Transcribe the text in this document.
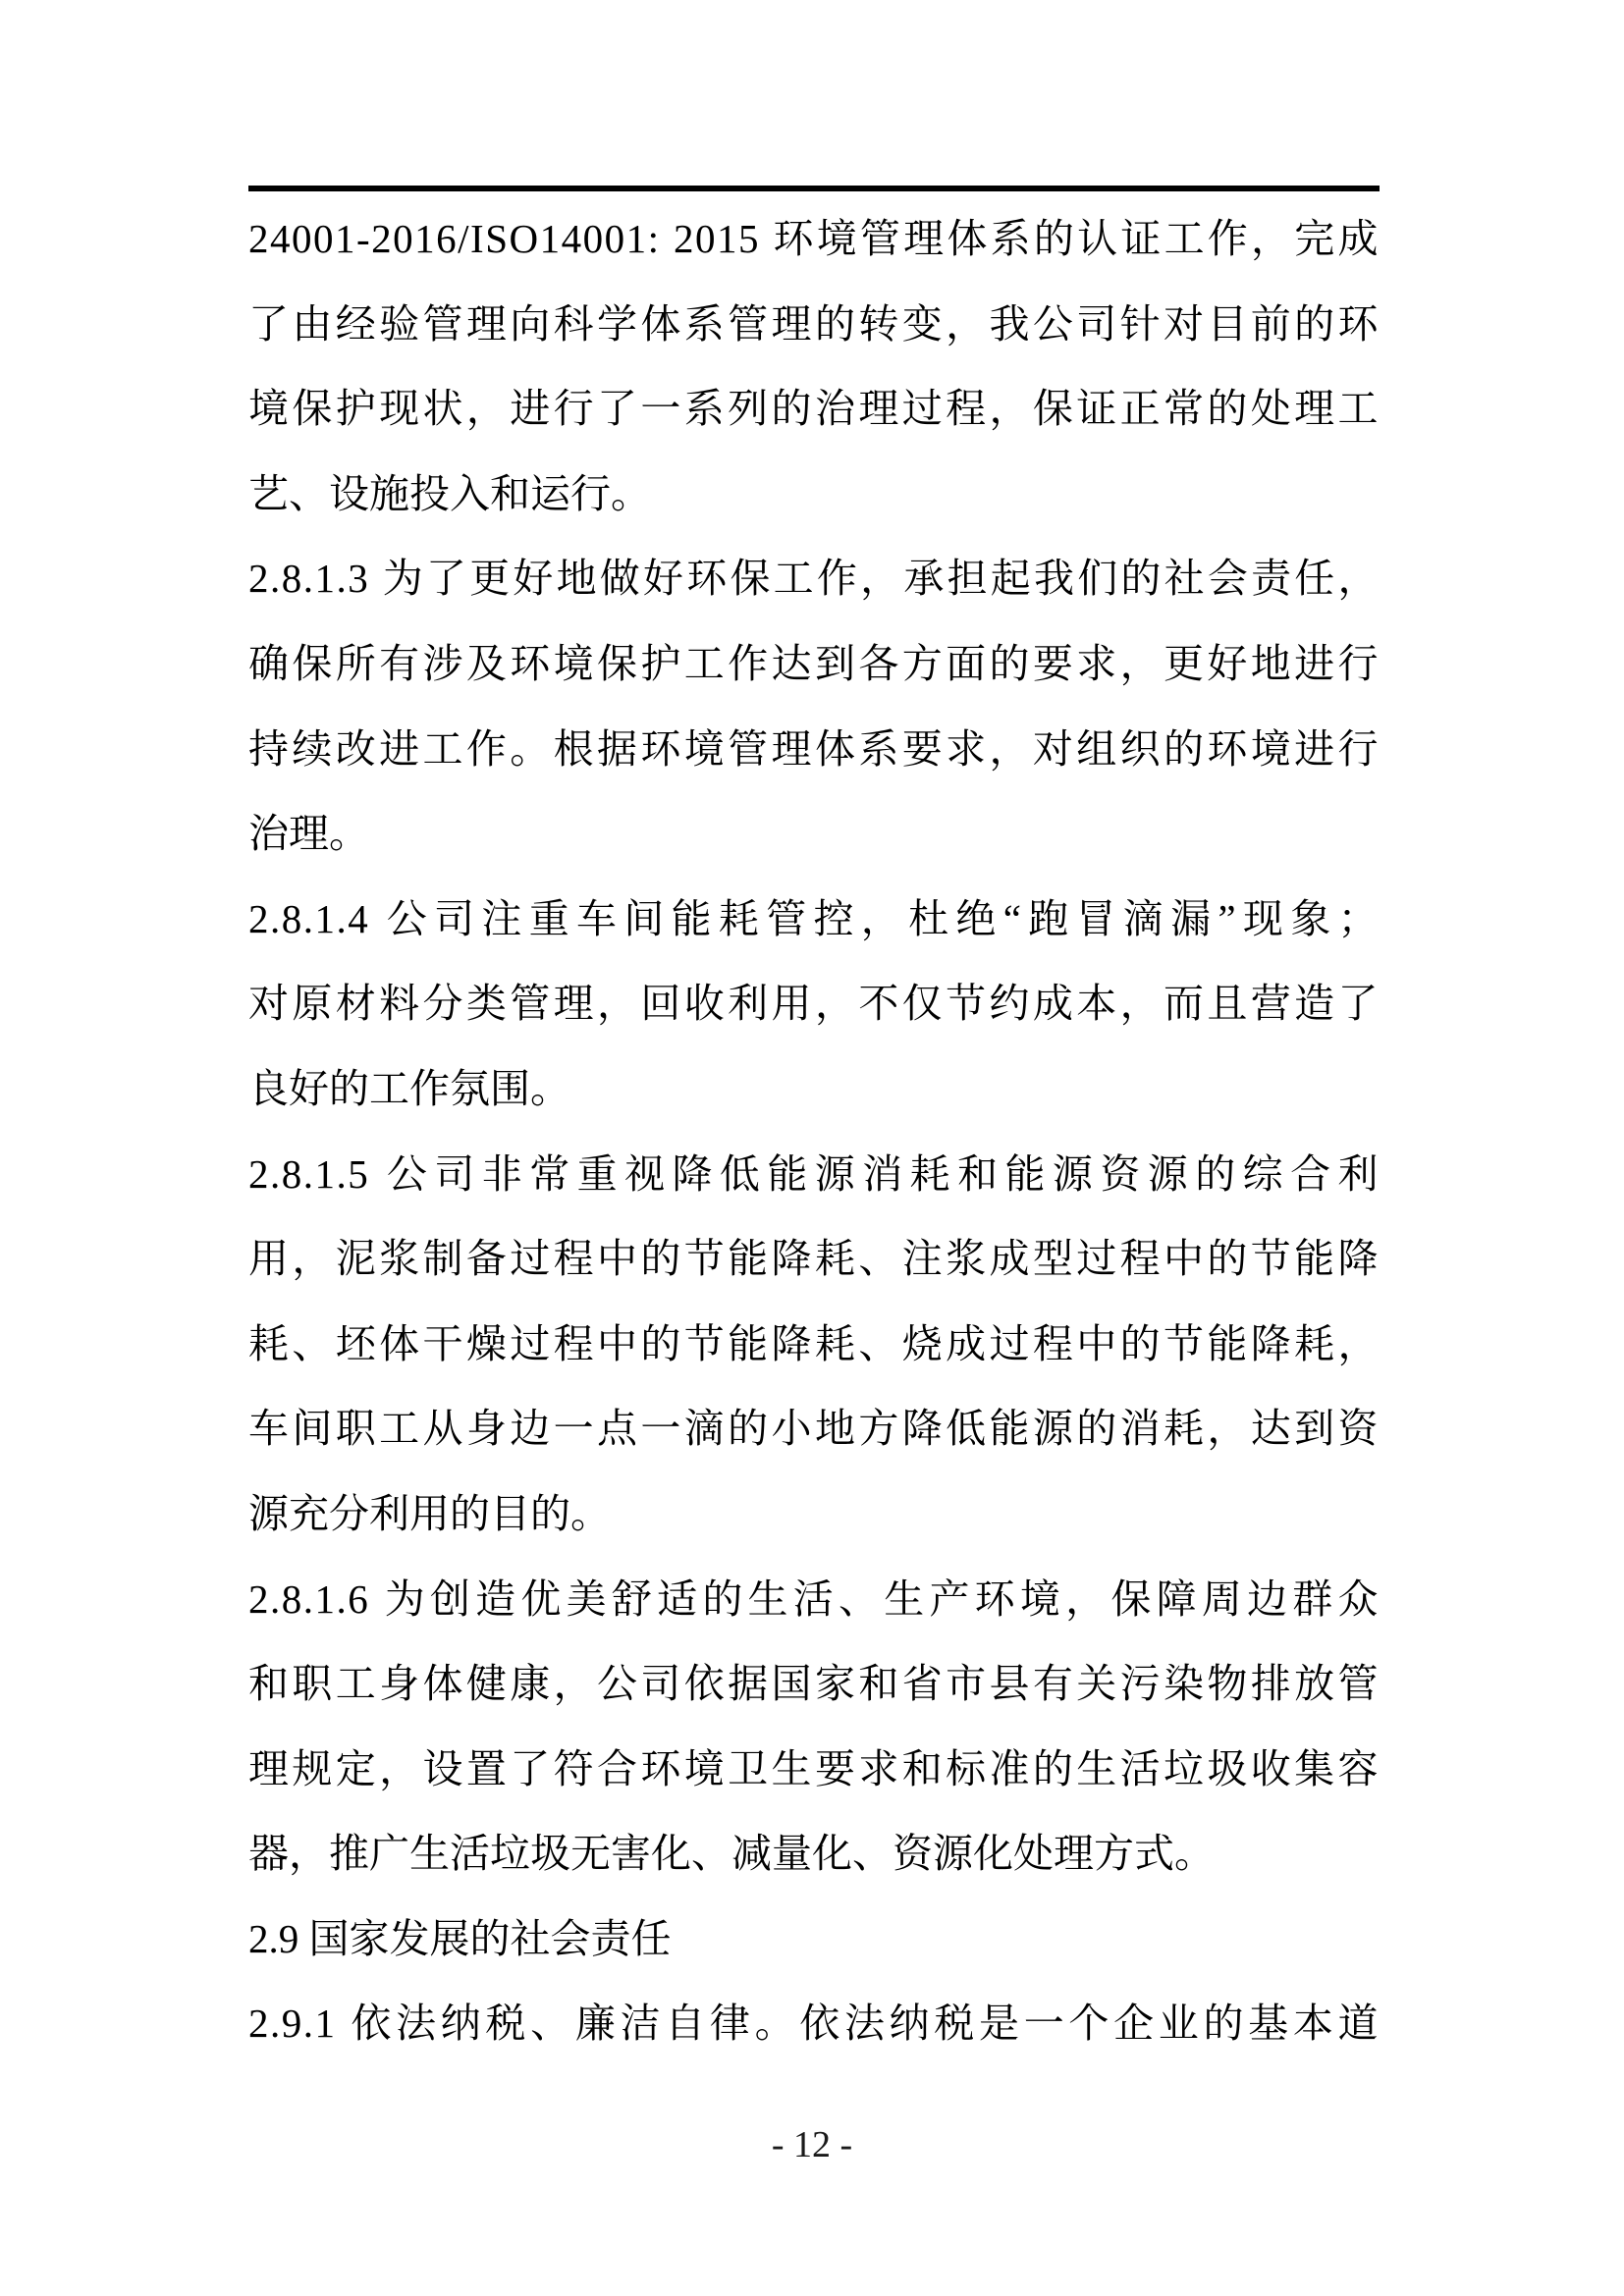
24001-2016/ISO14001: 2015 环境管理体系的认证工作，完成
了由经验管理向科学体系管理的转变，我公司针对目前的环
境保护现状，进行了一系列的治理过程，保证正常的处理工
艺、设施投入和运行。
2.8.1.3 为了更好地做好环保工作，承担起我们的社会责任，
确保所有涉及环境保护工作达到各方面的要求，更好地进行
持续改进工作。根据环境管理体系要求，对组织的环境进行
治理。
2.8.1.4 公司注重车间能耗管控，杜绝“跑冒滴漏”现象；
对原材料分类管理，回收利用，不仅节约成本，而且营造了
良好的工作氛围。
2.8.1.5 公司非常重视降低能源消耗和能源资源的综合利
用，泥浆制备过程中的节能降耗、注浆成型过程中的节能降
耗、坯体干燥过程中的节能降耗、烧成过程中的节能降耗，
车间职工从身边一点一滴的小地方降低能源的消耗，达到资
源充分利用的目的。
2.8.1.6 为创造优美舒适的生活、生产环境，保障周边群众
和职工身体健康，公司依据国家和省市县有关污染物排放管
理规定，设置了符合环境卫生要求和标准的生活垃圾收集容
器，推广生活垃圾无害化、减量化、资源化处理方式。
2.9 国家发展的社会责任
2.9.1 依法纳税、廉洁自律。依法纳税是一个企业的基本道
- 12 -
